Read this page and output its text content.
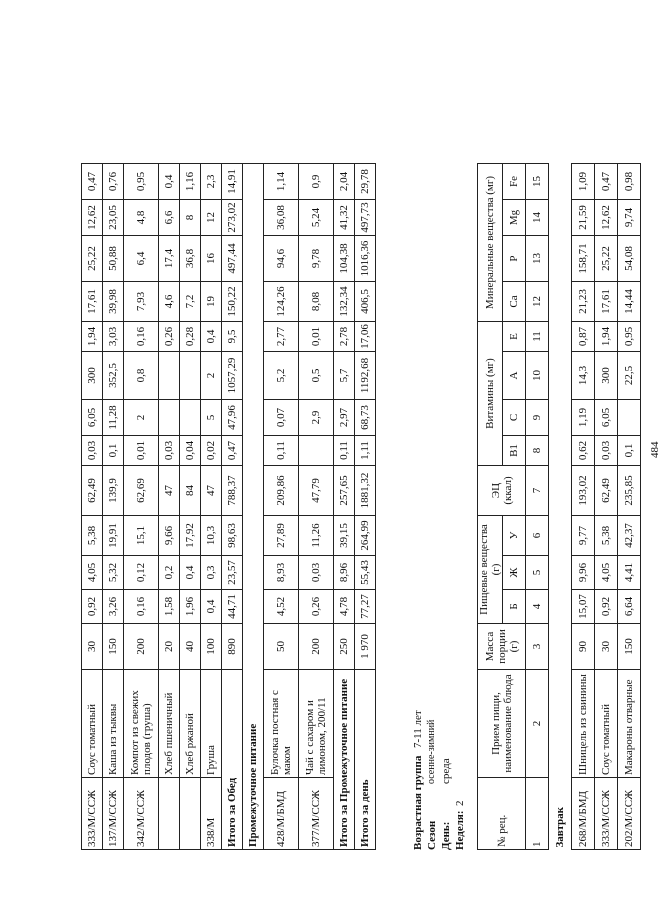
333/М/ССЖ	Соус томатный	30	0,92	4,05	5,38	62,49	0,03	6,05	300	1,94	17,61	25,22	12,62	0,47
137/М/ССЖ	Каша из тыквы	150	3,26	5,32	19,91	139,9	0,1	11,28	352,5	3,03	39,98	50,88	23,05	0,76
342/М/ССЖ	Компот из свежих плодов (груша)	200	0,16	0,12	15,1	62,69	0,01	2	0,8	0,16	7,93	6,4	4,8	0,95
	Хлеб пшеничный	20	1,58	0,2	9,66	47	0,03			0,26	4,6	17,4	6,6	0,4
	Хлеб ржаной	40	1,96	0,4	17,92	84	0,04			0,28	7,2	36,8	8	1,16
338/М	Груша	100	0,4	0,3	10,3	47	0,02	5	2	0,4	19	16	12	2,3
Итого за Обед		890	44,71	23,57	98,63	788,37	0,47	47,96	1057,29	9,5	150,22	497,44	273,02	14,91
Промежуточное питание														
428/М/БМД	Булочка постная с маком	50	4,52	8,93	27,89	209,86	0,11	0,07	5,2	2,77	124,26	94,6	36,08	1,14
377/М/ССЖ	Чай с сахаром и лимоном, 200/11	200	0,26	0,03	11,26	47,79		2,9	0,5	0,01	8,08	9,78	5,24	0,9
Итого за Промежуточное питание		250	4,78	8,96	39,15	257,65	0,11	2,97	5,7	2,78	132,34	104,38	41,32	2,04
Итого за день		1 970	77,27	55,43	264,99	1881,32	1,11	68,73	1192,68	17,06	406,5	1016,36	497,73	29,78
Возрастная группа
7-11 лет
Сезон
осенне-зимний
День:
среда
Неделя:
2
№ рец.	Прием пищи, наименование блюда	Масса порции (г)	Пищевые вещества (г)			ЭЦ (ккал)	Витамины (мг)				Минеральные вещества (мг)			
			Б	Ж	У		B1	C	A	E	Ca	P	Mg	Fe
1	2	3	4	5	6	7	8	9	10	11	12	13	14	15
Завтрак														
268/М/БМД	Шницель из свинины	90	15,07	9,96	9,77	193,02	0,62	1,19	14,3	0,87	21,23	158,71	21,59	1,09
333/М/ССЖ	Соус томатный	30	0,92	4,05	5,38	62,49	0,03	6,05	300	1,94	17,61	25,22	12,62	0,47
202/М/ССЖ	Макароны отварные	150	6,64	4,41	42,37	235,85	0,1		22,5	0,95	14,44	54,08	9,74	0,98
484
